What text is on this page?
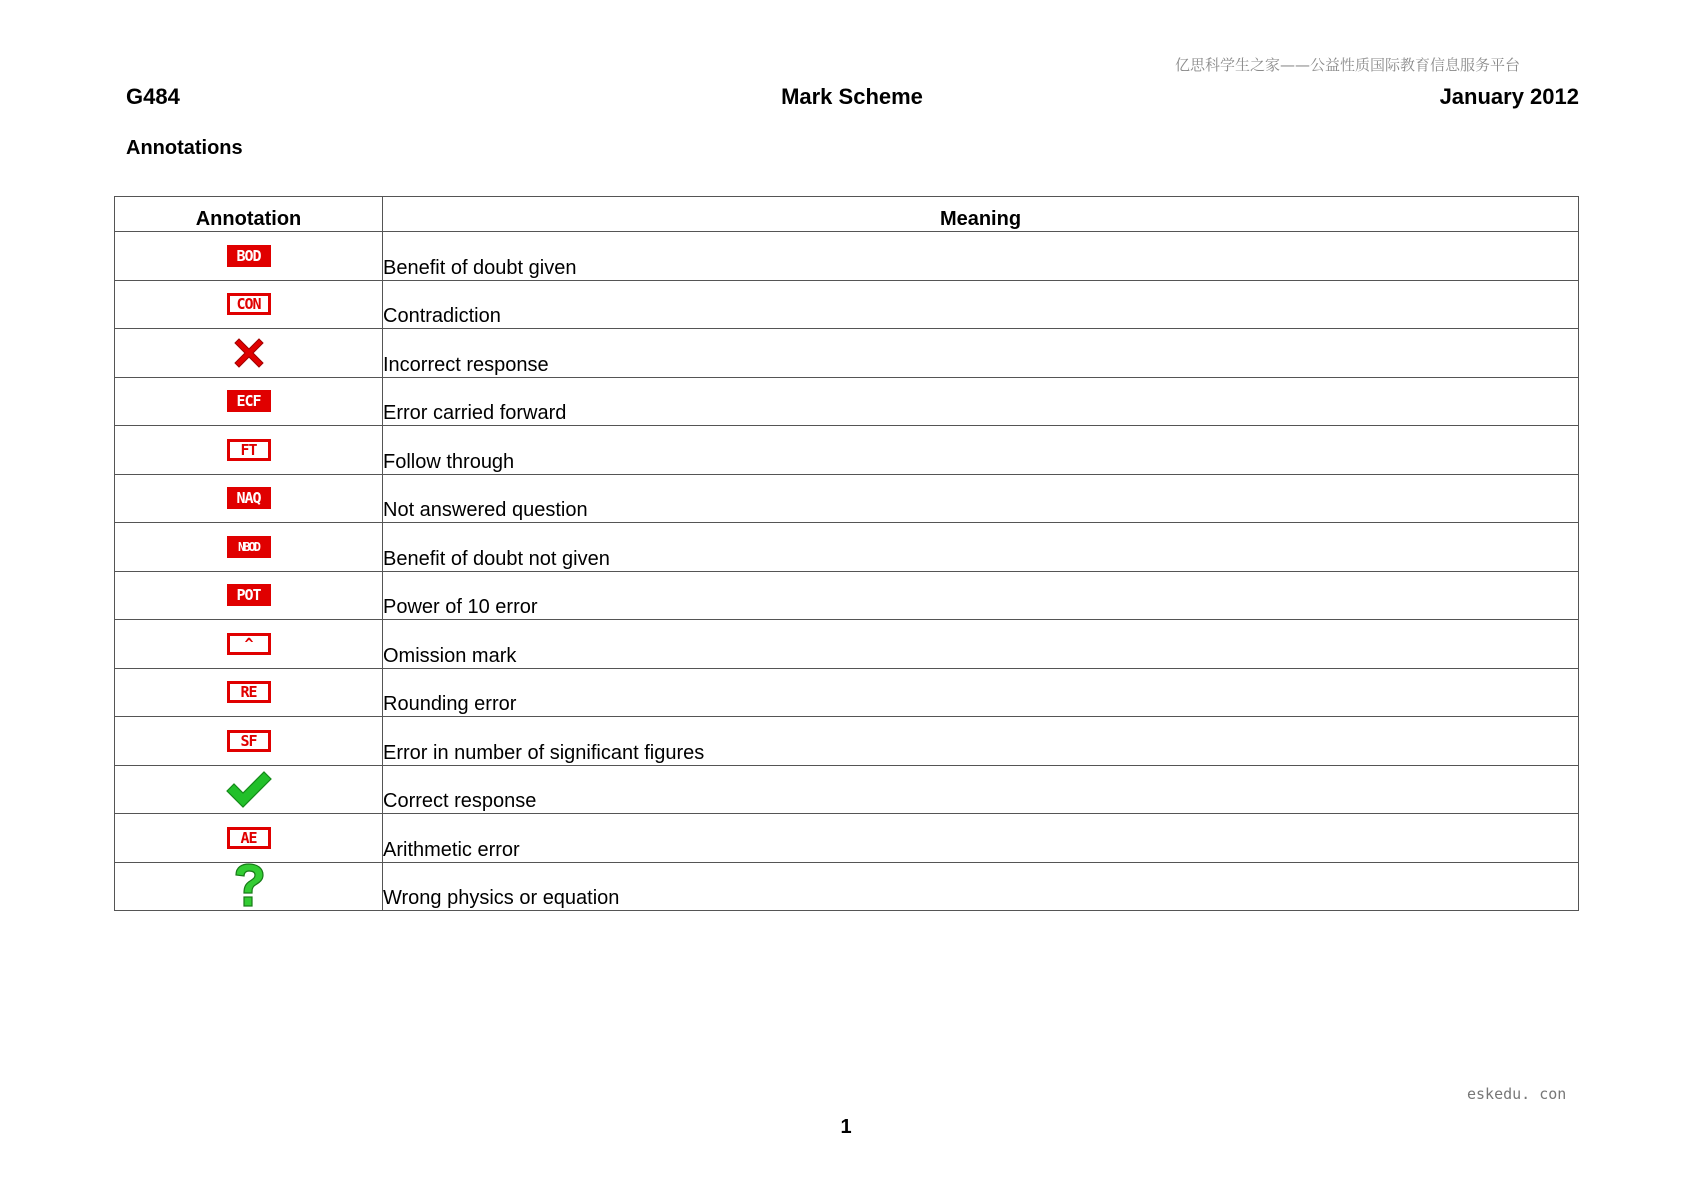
亿思科学生之家——公益性质国际教育信息服务平台
G484	Mark Scheme	January 2012
Annotations
Annotation	Meaning
BOD	Benefit of doubt given
CON	Contradiction
	Incorrect response
ECF	Error carried forward
FT	Follow through
NAQ	Not answered question
NBOD	Benefit of doubt not given
POT	Power of 10 error
^	Omission mark
RE	Rounding error
SF	Error in number of significant figures
	Correct response
AE	Arithmetic error
	Wrong physics or equation
eskedu. con
1
